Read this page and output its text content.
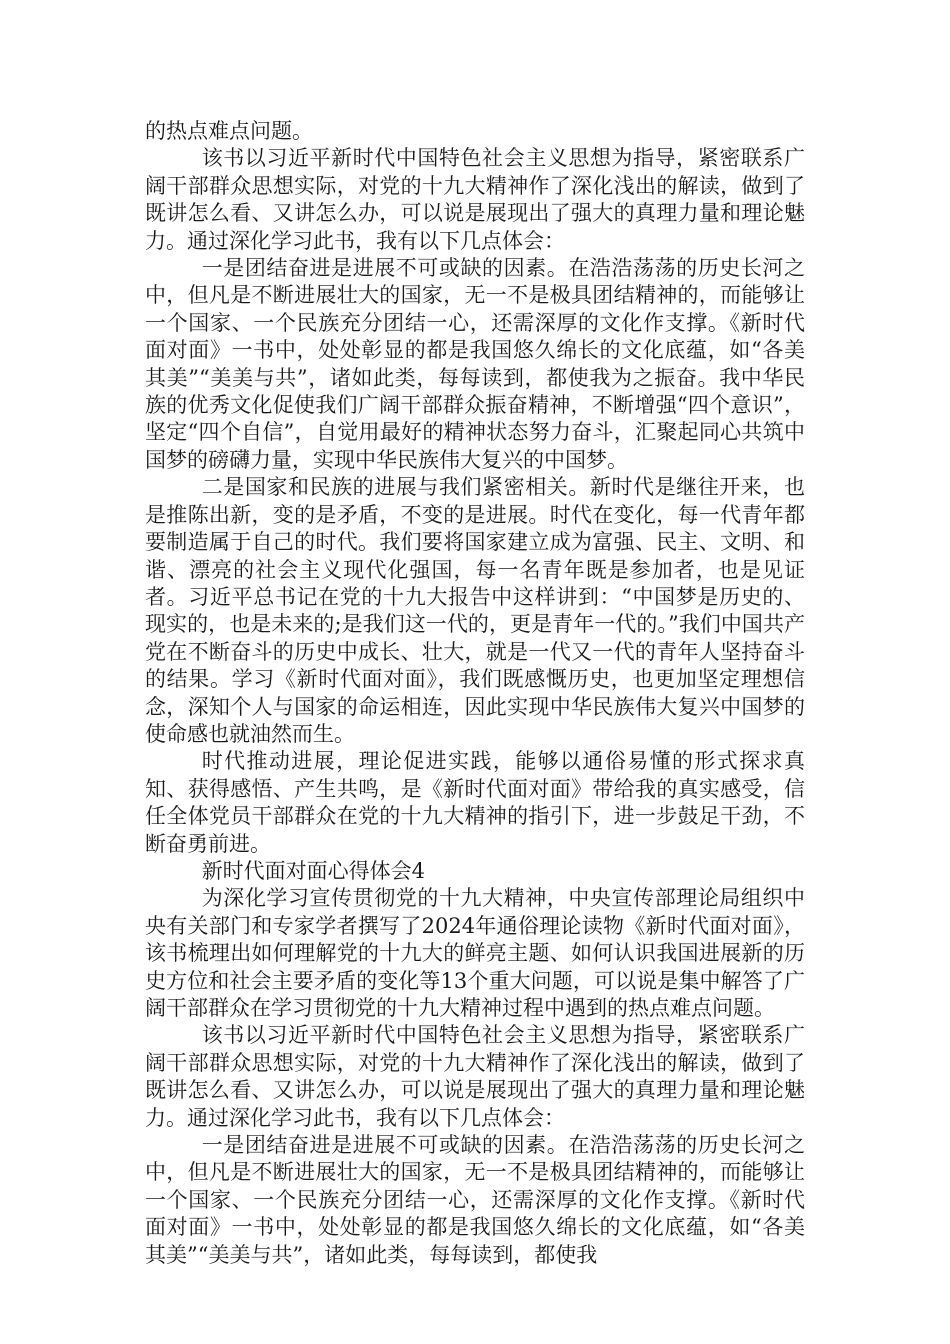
的热点难点问题。

该书以习近平新时代中国特色社会主义思想为指导，紧密联系广阔干部群众思想实际，对党的十九大精神作了深化浅出的解读，做到了既讲怎么看、又讲怎么办，可以说是展现出了强大的真理力量和理论魅力。通过深化学习此书，我有以下几点体会：

一是团结奋进是进展不可或缺的因素。在浩浩荡荡的历史长河之中，但凡是不断进展壮大的国家，无一不是极具团结精神的，而能够让一个国家、一个民族充分团结一心，还需深厚的文化作支撑。《新时代面对面》一书中，处处彰显的都是我国悠久绵长的文化底蕴，如“各美其美”“美美与共”，诸如此类，每每读到，都使我为之振奋。我中华民族的优秀文化促使我们广阔干部群众振奋精神，不断增强“四个意识”，坚定“四个自信”，自觉用最好的精神状态努力奋斗，汇聚起同心共筑中国梦的磅礴力量，实现中华民族伟大复兴的中国梦。

二是国家和民族的进展与我们紧密相关。新时代是继往开来，也是推陈出新，变的是矛盾，不变的是进展。时代在变化，每一代青年都要制造属于自己的时代。我们要将国家建立成为富强、民主、文明、和谐、漂亮的社会主义现代化强国，每一名青年既是参加者，也是见证者。习近平总书记在党的十九大报告中这样讲到：“中国梦是历史的、现实的，也是未来的;是我们这一代的，更是青年一代的。”我们中国共产党在不断奋斗的历史中成长、壮大，就是一代又一代的青年人坚持奋斗的结果。学习《新时代面对面》，我们既感慨历史，也更加坚定理想信念，深知个人与国家的命运相连，因此实现中华民族伟大复兴中国梦的使命感也就油然而生。

时代推动进展，理论促进实践，能够以通俗易懂的形式探求真知、获得感悟、产生共鸣，是《新时代面对面》带给我的真实感受，信任全体党员干部群众在党的十九大精神的指引下，进一步鼓足干劲，不断奋勇前进。

新时代面对面心得体会4

为深化学习宣传贯彻党的十九大精神，中央宣传部理论局组织中央有关部门和专家学者撰写了2024年通俗理论读物《新时代面对面》，该书梳理出如何理解党的十九大的鲜亮主题、如何认识我国进展新的历史方位和社会主要矛盾的变化等13个重大问题，可以说是集中解答了广阔干部群众在学习贯彻党的十九大精神过程中遇到的热点难点问题。

该书以习近平新时代中国特色社会主义思想为指导，紧密联系广阔干部群众思想实际，对党的十九大精神作了深化浅出的解读，做到了既讲怎么看、又讲怎么办，可以说是展现出了强大的真理力量和理论魅力。通过深化学习此书，我有以下几点体会：

一是团结奋进是进展不可或缺的因素。在浩浩荡荡的历史长河之中，但凡是不断进展壮大的国家，无一不是极具团结精神的，而能够让一个国家、一个民族充分团结一心，还需深厚的文化作支撑。《新时代面对面》一书中，处处彰显的都是我国悠久绵长的文化底蕴，如“各美其美”“美美与共”，诸如此类，每每读到，都使我
